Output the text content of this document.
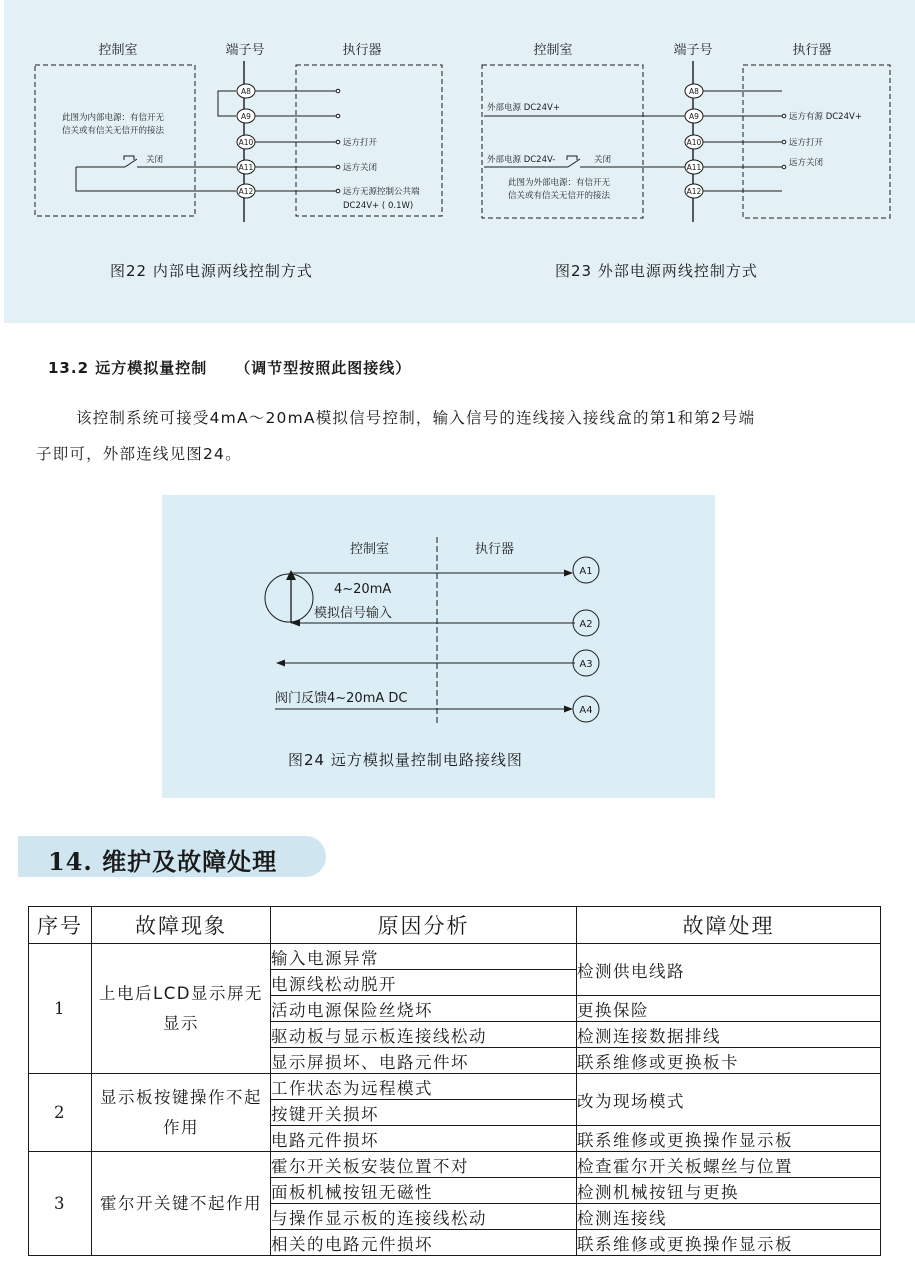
A8
A9
A10
A11
A12
控制室	端子号	执行器
此图为内部电源：有信开无
信关或有信关无信开的接法
关闭
远方打开
远方关闭
远方无源控制公共端
DC24V+ ( 0.1W)
图22 内部电源两线控制方式
A8
A9
A10
A11
A12
控制室	端子号	执行器
外部电源 DC24V+
外部电源 DC24V-	关闭
此图为外部电源：有信开无
信关或有信关无信开的接法
远方有源 DC24V+
远方打开
远方关闭
图23 外部电源两线控制方式
13.2 远方模拟量控制 （调节型按照此图接线）
该控制系统可接受4mA～20mA模拟信号控制，输入信号的连线接入接线盒的第1和第2号端
子即可，外部连线见图24。
A1
A2
A3
A4
控制室	执行器
4~20mA
模拟信号输入
阀门反馈4~20mA DC
图24 远方模拟量控制电路接线图
14. 维护及故障处理
序号	故障现象	原因分析	故障处理
1	上电后LCD显示屏无显示	输入电源异常	检测供电线路
		电源线松动脱开	
		活动电源保险丝烧坏	更换保险
		驱动板与显示板连接线松动	检测连接数据排线
		显示屏损坏、电路元件坏	联系维修或更换板卡
2	显示板按键操作不起作用	工作状态为远程模式	改为现场模式
		按键开关损坏	
		电路元件损坏	联系维修或更换操作显示板
3	霍尔开关键不起作用	霍尔开关板安装位置不对	检查霍尔开关板螺丝与位置
		面板机械按钮无磁性	检测机械按钮与更换
		与操作显示板的连接线松动	检测连接线
		相关的电路元件损坏	联系维修或更换操作显示板
